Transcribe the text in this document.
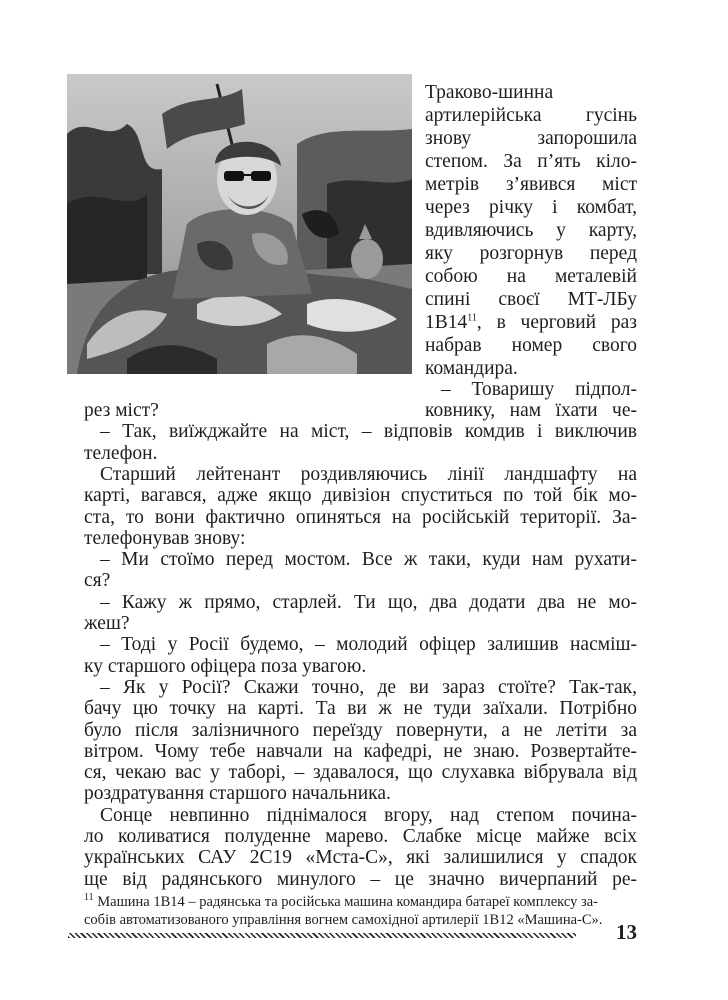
Траково-шинна
артилерійська гусінь
знову запорошила
степом. За п’ять кіло-
метрів з’явився міст
через річку і комбат,
вдивляючись у карту,
яку розгорнув перед
собою на металевій
спині своєї МТ-ЛБу
$1В14^{11}$, в черговий раз
набрав номер свого
командира.
– Товаришу підпол-
ковнику, нам їхати че-
рез міст?
– Так, виїжджайте на міст, – відповів комдив і виключив
телефон.
Старший лейтенант роздивляючись лінії ландшафту на
карті, вагався, адже якщо дивізіон спуститься по той бік мо-
ста, то вони фактично опиняться на російській території. За-
телефонував знову:
– Ми стоїмо перед мостом. Все ж таки, куди нам рухати-
ся?
– Кажу ж прямо, старлей. Ти що, два додати два не мо-
жеш?
– Тоді у Росії будемо, – молодий офіцер залишив насміш-
ку старшого офіцера поза увагою.
– Як у Росії? Скажи точно, де ви зараз стоїте? Так-так,
бачу цю точку на карті. Та ви ж не туди заїхали. Потрібно
було після залізничного переїзду повернути, а не летіти за
вітром. Чому тебе навчали на кафедрі, не знаю. Розвертайте-
ся, чекаю вас у таборі, – здавалося, що слухавка вібрувала від
роздратування старшого начальника.
Сонце невпинно піднімалося вгору, над степом почина-
13
ло коливатися полуденне марево. Слабке місце майже всіх
українських САУ 2С19 «Мста-С», які залишилися у спадок
ще від радянського минулого – це значно вичерпаний ре-
$^{11}$ Машина 1В14 – радянська та російська машина командира батареї комплексу за-
собів автоматизованого управління вогнем самохідної артилерії 1В12 «Машина-С».
